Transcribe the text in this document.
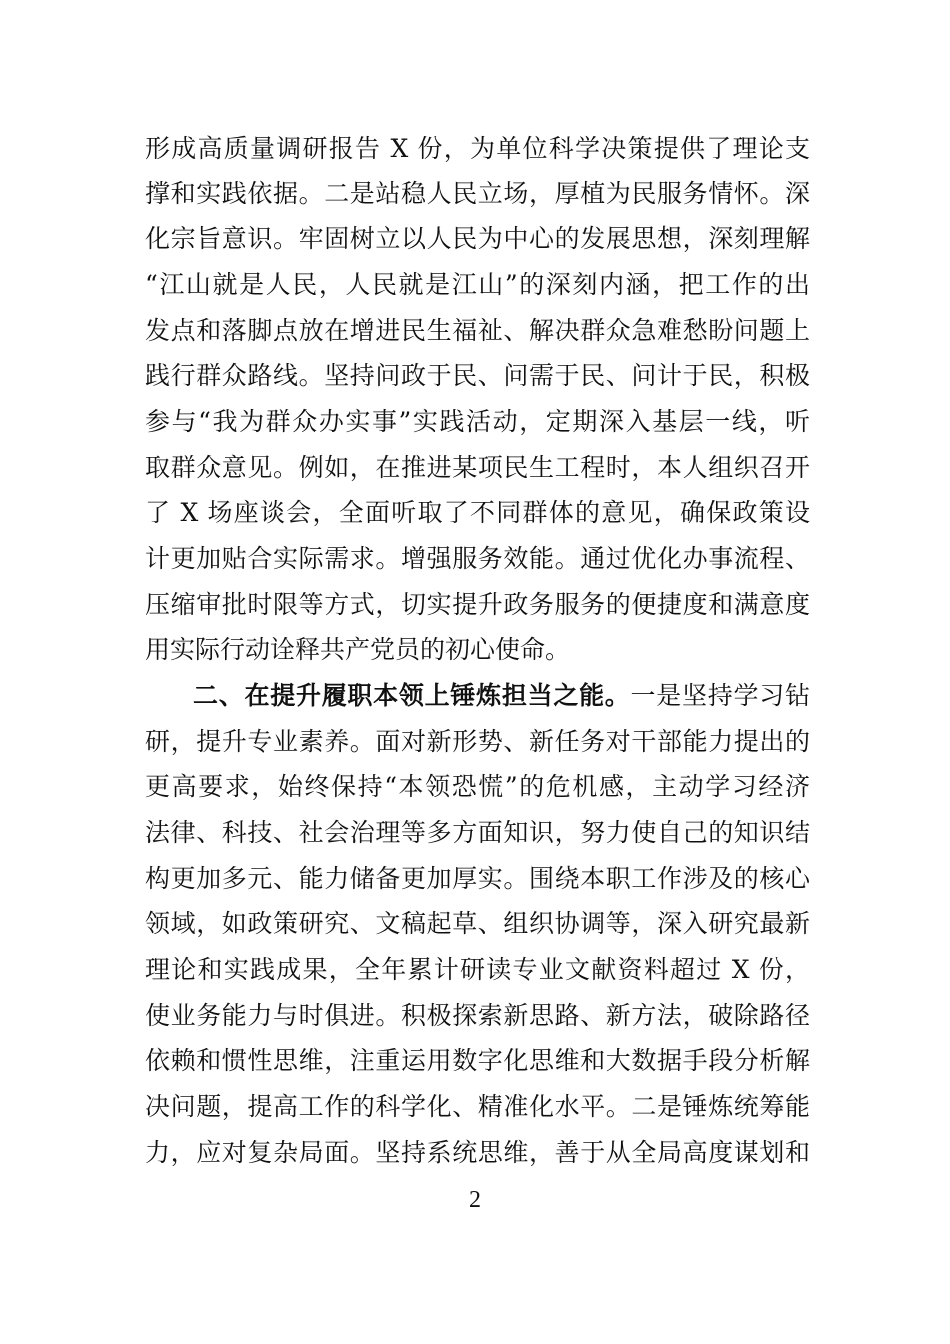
形成高质量调研报告 X 份，为单位科学决策提供了理论支
撑和实践依据。二是站稳人民立场，厚植为民服务情怀。深
化宗旨意识。牢固树立以人民为中心的发展思想，深刻理解
“江山就是人民，人民就是江山”的深刻内涵，把工作的出
发点和落脚点放在增进民生福祉、解决群众急难愁盼问题上
践行群众路线。坚持问政于民、问需于民、问计于民，积极
参与“我为群众办实事”实践活动，定期深入基层一线，听
取群众意见。例如，在推进某项民生工程时，本人组织召开
了 X 场座谈会，全面听取了不同群体的意见，确保政策设
计更加贴合实际需求。增强服务效能。通过优化办事流程、
压缩审批时限等方式，切实提升政务服务的便捷度和满意度
用实际行动诠释共产党员的初心使命。
二、在提升履职本领上锤炼担当之能。一是坚持学习钻
研，提升专业素养。面对新形势、新任务对干部能力提出的
更高要求，始终保持“本领恐慌”的危机感，主动学习经济
法律、科技、社会治理等多方面知识，努力使自己的知识结
构更加多元、能力储备更加厚实。围绕本职工作涉及的核心
领域，如政策研究、文稿起草、组织协调等，深入研究最新
理论和实践成果，全年累计研读专业文献资料超过 X 份，
使业务能力与时俱进。积极探索新思路、新方法，破除路径
依赖和惯性思维，注重运用数字化思维和大数据手段分析解
决问题，提高工作的科学化、精准化水平。二是锤炼统筹能
力，应对复杂局面。坚持系统思维，善于从全局高度谋划和
2
